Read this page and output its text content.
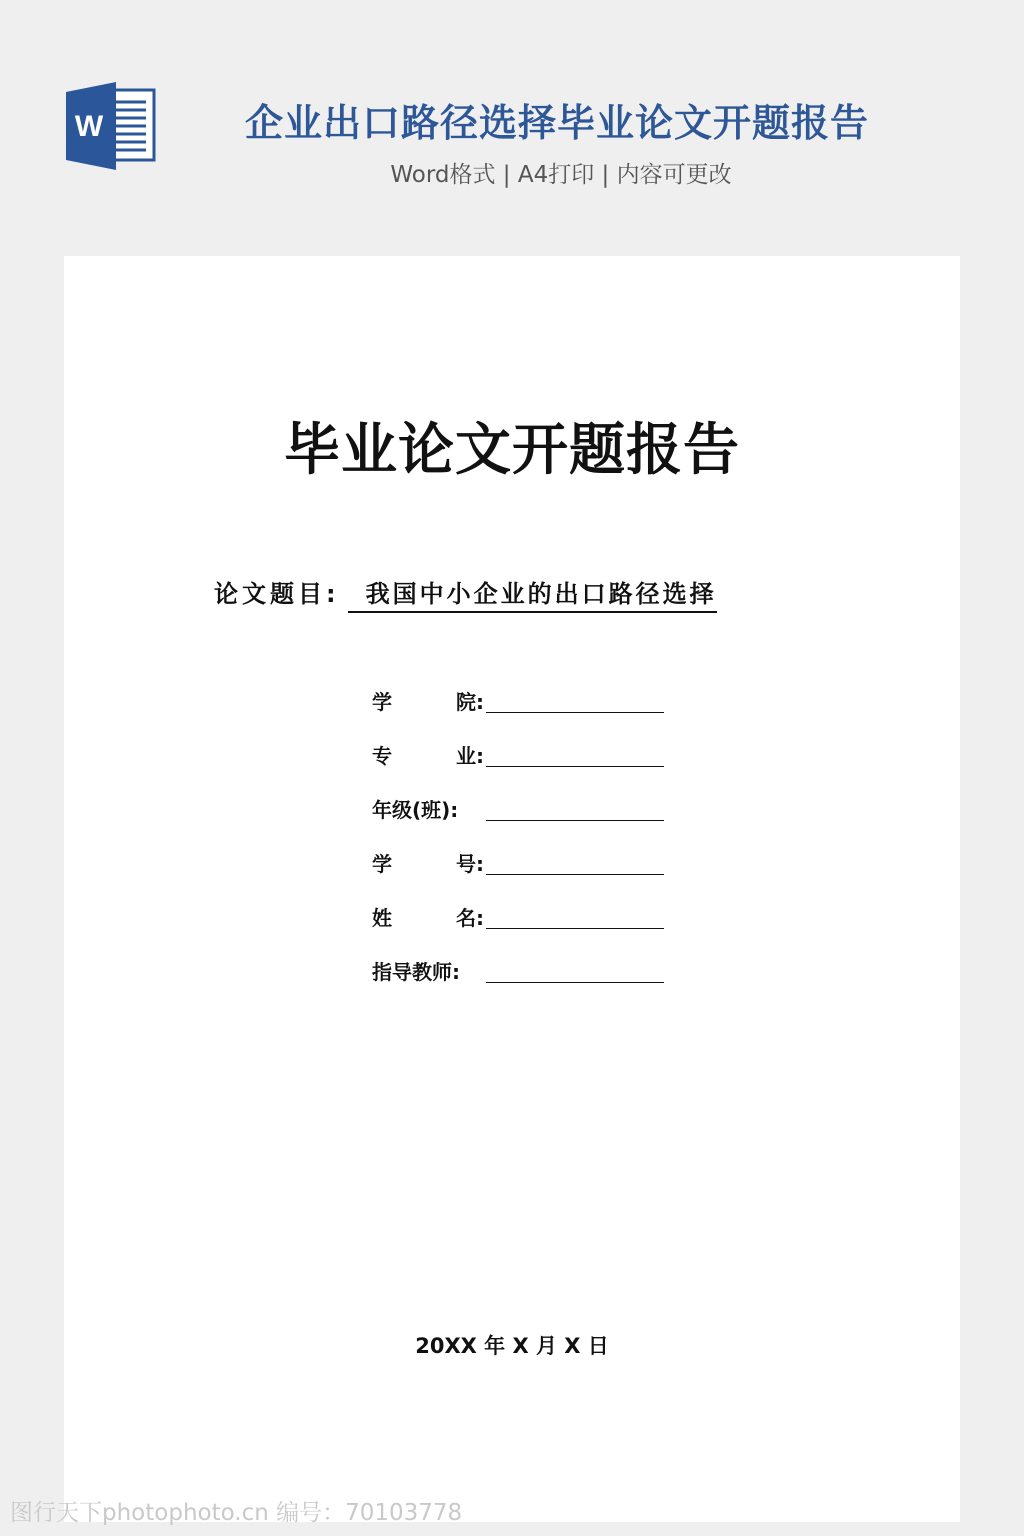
W	企业出口路径选择毕业论文开题报告
Word格式 | A4打印 | 内容可更改
毕业论文开题报告
论文题目: 我国中小企业的出口路径选择
学	院:
专	业:
年级(班):
学	号:
姓	名:
指导教师:
20XX 年 X 月 X 日
图行天下photophoto.cn 编号：70103778
